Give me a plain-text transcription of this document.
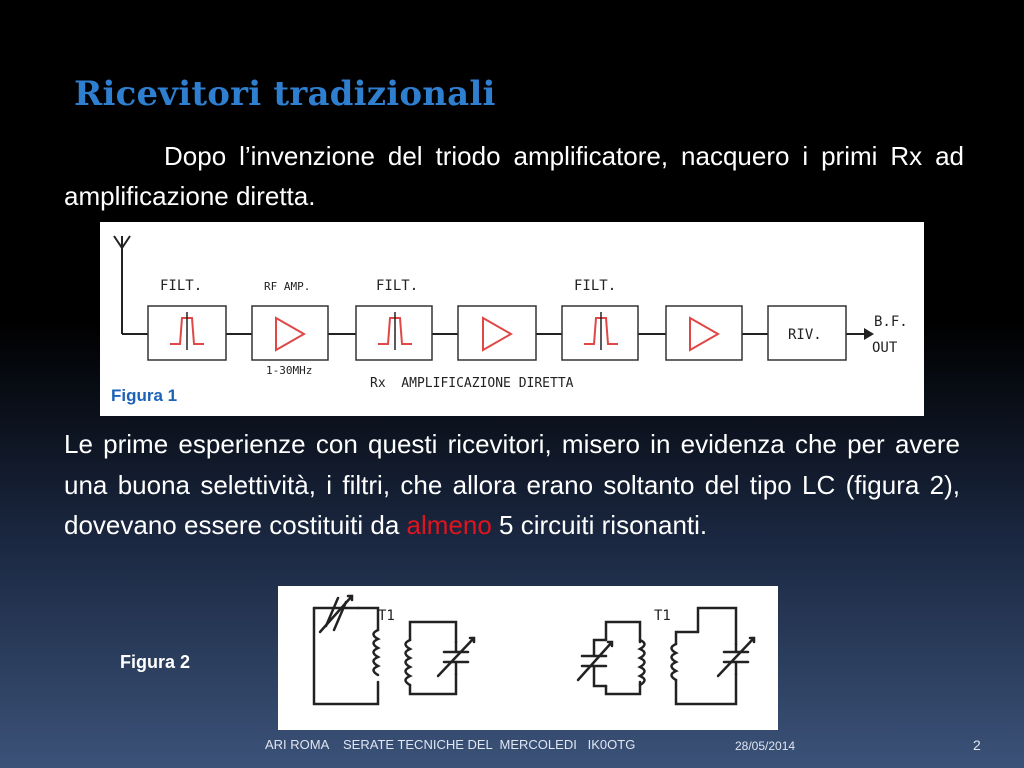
Ricevitori tradizionali
Dopo l’invenzione del triodo amplificatore, nacquero i primi Rx ad amplificazione diretta.
FILT.	RF AMP.	FILT.	FILT.
1-30MHz
RIV.
B.F.
OUT
Rx  AMPLIFICAZIONE DIRETTA
Figura 1
Le prime esperienze con questi ricevitori, misero in evidenza che per avere una buona selettività, i filtri, che allora erano soltanto del tipo LC (figura 2), dovevano essere costituiti da almeno 5 circuiti risonanti.
T1	T1
Figura 2
ARI ROMA    SERATE TECNICHE DEL  MERCOLEDI   IK0OTG	28/05/2014	2
